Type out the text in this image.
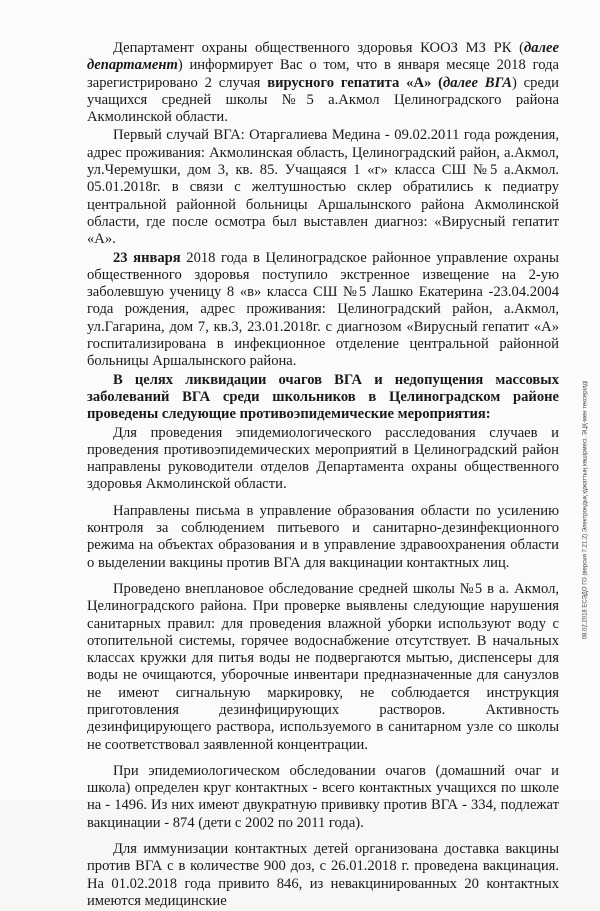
Департамент охраны общественного здоровья КООЗ МЗ РК (далее департамент) информирует Вас о том, что в января месяце 2018 года зарегистрировано 2 случая вирусного гепатита «А» (далее ВГА) среди учащихся средней школы №5 а.Акмол Целиноградского района Акмолинской области.

Первый случай ВГА: Отаргалиева Медина - 09.02.2011 года рождения, адрес проживания: Акмолинская область, Целиноградский район, а.Акмол, ул.Черемушки, дом 3, кв. 85. Учащаяся 1 «г» класса СШ №5 а.Акмол. 05.01.2018г. в связи с желтушностью склер обратились к педиатру центральной районной больницы Аршалынского района Акмолинской области, где после осмотра был выставлен диагноз: «Вирусный гепатит «А».

23 января 2018 года в Целиноградское районное управление охраны общественного здоровья поступило экстренное извещение на 2-ую заболевшую ученицу 8 «в» класса СШ №5 Лашко Екатерина -23.04.2004 года рождения, адрес проживания: Целиноградский район, а.Акмол, ул.Гагарина, дом 7, кв.3, 23.01.2018г. с диагнозом «Вирусный гепатит «А» госпитализирована в инфекционное отделение центральной районной больницы Аршалынского района.

В целях ликвидации очагов ВГА и недопущения массовых заболеваний ВГА среди школьников в Целиноградском районе проведены следующие противоэпидемические мероприятия:

Для проведения эпидемиологического расследования случаев и проведения противоэпидемических мероприятий в Целиноградский район направлены руководители отделов Департамента охраны общественного здоровья Акмолинской области.

Направлены письма в управление образования области по усилению контроля за соблюдением питьевого и санитарно-дезинфекционного режима на объектах образования и в управление здравоохранения области о выделении вакцины против ВГА для вакцинации контактных лиц.

Проведено внеплановое обследование средней школы №5 в а. Акмол, Целиноградского района. При проверке выявлены следующие нарушения санитарных правил: для проведения влажной уборки используют воду с отопительной системы, горячее водоснабжение отсутствует. В начальных классах кружки для питья воды не подвергаются мытью, диспенсеры для воды не очищаются, уборочные инвентари предназначенные для санузлов не имеют сигнальную маркировку, не соблюдается инструкция приготовления дезинфицирующих растворов. Активность дезинфицирующего раствора, используемого в санитарном узле со школы не соответствовал заявленной концентрации.

При эпидемиологическом обследовании очагов (домашний очаг и школа) определен круг контактных - всего контактных учащихся по школе на - 1496. Из них имеют двукратную прививку против ВГА - 334, подлежат вакцинации - 874 (дети с 2002 по 2011 года).

Для иммунизации контактных детей организована доставка вакцины против ВГА с в количестве 900 доз, с 26.01.2018 г. проведена вакцинация. На 01.02.2018 года привито 846, из невакцинированных 20 контактных имеются медицинские

08.02.2018 ЕСЭДО ГО (версия 7.21.2) Электрондық құжаттың көшірмесі. ЭЦҚ-мен тексерілді
